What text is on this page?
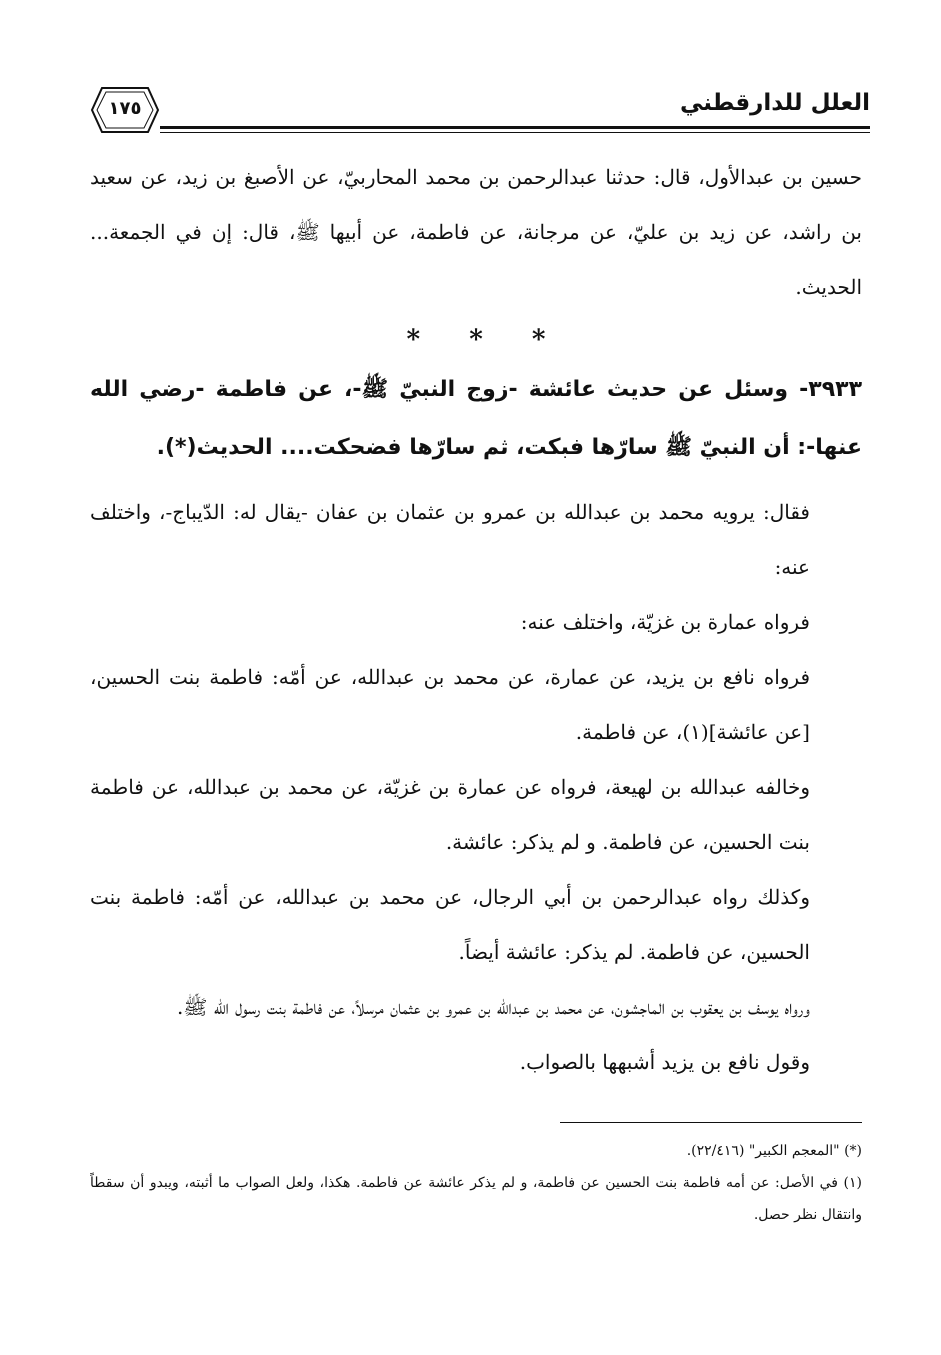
١٧٥	العلل للدارقطني

حسين بن عبدالأول، قال: حدثنا عبدالرحمن بن محمد المحاربيّ، عن الأصبغ بن زيد، عن سعيد بن راشد، عن زيد بن عليّ، عن مرجانة، عن فاطمة، عن أبيها ﷺ، قال: إن في الجمعة... الحديث.

* * *

٣٩٣٣- وسئل عن حديث عائشة -زوج النبيّ ﷺ-، عن فاطمة -رضي الله عنها-: أن النبيّ ﷺ سارّها فبكت، ثم سارّها فضحكت.... الحديث(*).

فقال: يرويه محمد بن عبدالله بن عمرو بن عثمان بن عفان -يقال له: الدّيباج-، واختلف عنه:

فرواه عمارة بن غزيّة، واختلف عنه:

فرواه نافع بن يزيد، عن عمارة، عن محمد بن عبدالله، عن أمّه: فاطمة بنت الحسين، [عن عائشة](١)، عن فاطمة.

وخالفه عبدالله بن لهيعة، فرواه عن عمارة بن غزيّة، عن محمد بن عبدالله، عن فاطمة بنت الحسين، عن فاطمة. و لم يذكر: عائشة.

وكذلك رواه عبدالرحمن بن أبي الرجال، عن محمد بن عبدالله، عن أمّه: فاطمة بنت الحسين، عن فاطمة. لم يذكر: عائشة أيضاً.

ورواه يوسف بن يعقوب بن الماجشون، عن محمد بن عبدالله بن عمرو بن عثمان مرسلاً، عن فاطمة بنت رسول الله ﷺ.

وقول نافع بن يزيد أشبهها بالصواب.

(*) "المعجم الكبير" (٢٢/٤١٦).

(١) في الأصل: عن أمه فاطمة بنت الحسين عن فاطمة، و لم يذكر عائشة عن فاطمة. هكذا، ولعل الصواب ما أثبته، ويبدو أن سقطاً وانتقال نظر حصل.
